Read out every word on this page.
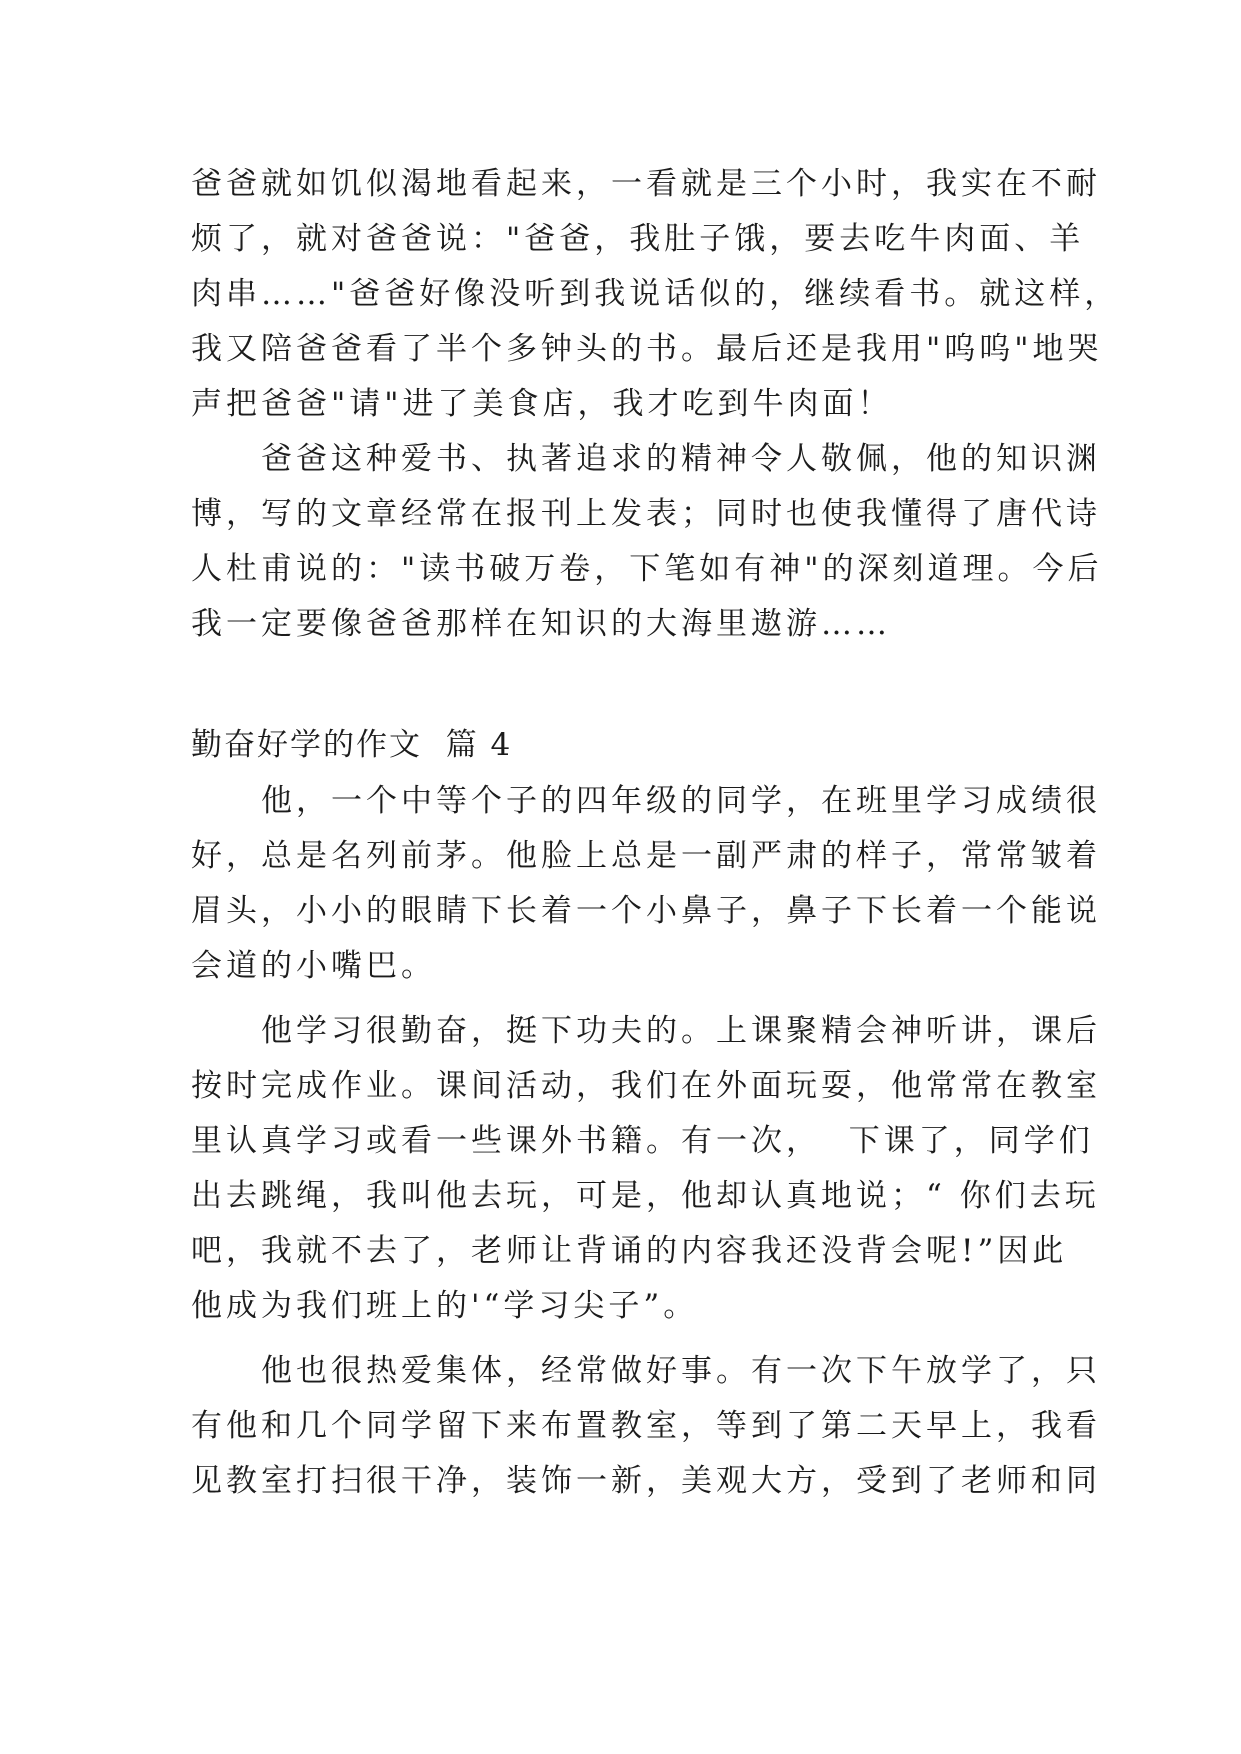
爸爸就如饥似渴地看起来，一看就是三个小时，我实在不耐
烦了，就对爸爸说："爸爸，我肚子饿，要去吃牛肉面、羊
肉串……"爸爸好像没听到我说话似的，继续看书。就这样，
我又陪爸爸看了半个多钟头的书。最后还是我用"呜呜"地哭
声把爸爸"请"进了美食店，我才吃到牛肉面！
　　爸爸这种爱书、执著追求的精神令人敬佩，他的知识渊
博，写的文章经常在报刊上发表；同时也使我懂得了唐代诗
人杜甫说的："读书破万卷，下笔如有神"的深刻道理。今后
我一定要像爸爸那样在知识的大海里遨游……
勤奋好学的作文  篇 4
　　他，一个中等个子的四年级的同学，在班里学习成绩很
好，总是名列前茅。他脸上总是一副严肃的样子，常常皱着
眉头，小小的眼睛下长着一个小鼻子，鼻子下长着一个能说
会道的小嘴巴。
　　他学习很勤奋，挺下功夫的。上课聚精会神听讲，课后
按时完成作业。课间活动，我们在外面玩耍，他常常在教室
里认真学习或看一些课外书籍。有一次，  下课了，同学们
出去跳绳，我叫他去玩，可是，他却认真地说；“ 你们去玩
吧，我就不去了，老师让背诵的内容我还没背会呢!”因此
他成为我们班上的'“学习尖子”。
　　他也很热爱集体，经常做好事。有一次下午放学了，只
有他和几个同学留下来布置教室，等到了第二天早上，我看
见教室打扫很干净，装饰一新，美观大方，受到了老师和同
